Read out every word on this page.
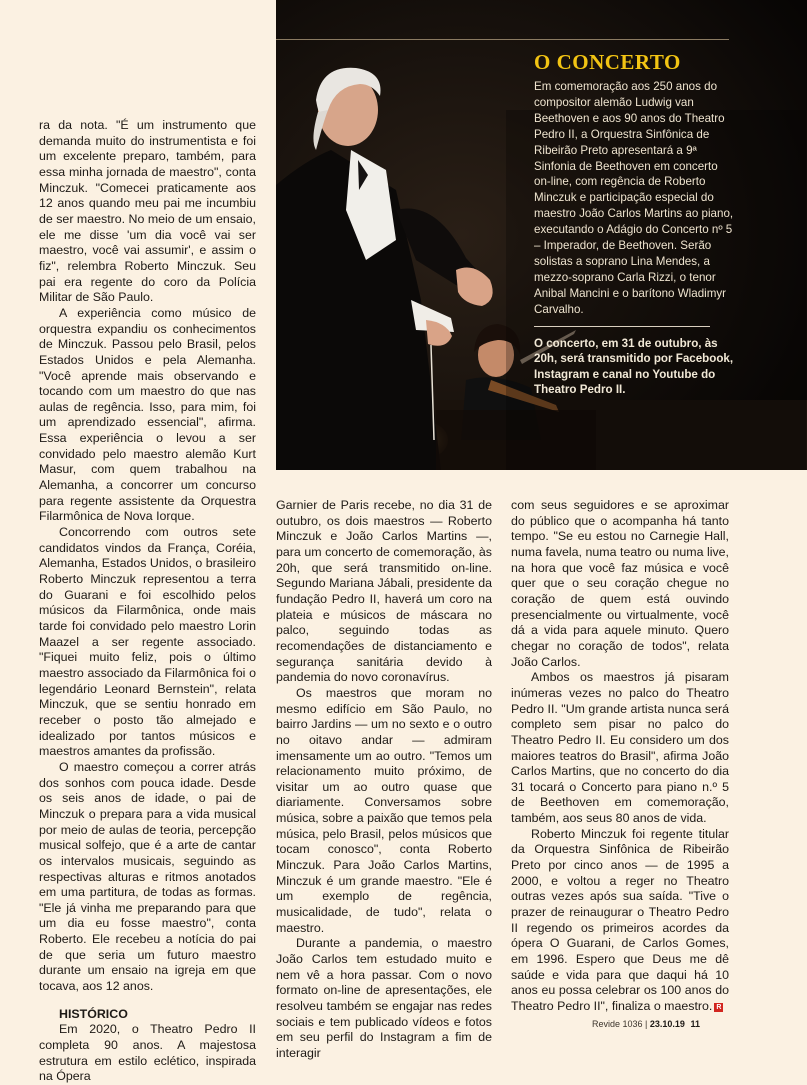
O CONCERTO

Em comemoração aos 250 anos do compositor alemão Ludwig van Beethoven e aos 90 anos do Theatro Pedro II, a Orquestra Sinfônica de Ribeirão Preto apresentará a 9ª Sinfonia de Beethoven em concerto on-line, com regência de Roberto Minczuk e participação especial do maestro João Carlos Martins ao piano, executando o Adágio do Concerto nº 5 – Imperador, de Beethoven. Serão solistas a soprano Lina Mendes, a mezzo-soprano Carla Rizzi, o tenor Anibal Mancini e o barítono Wladimyr Carvalho.

O concerto, em 31 de outubro, às 20h, será transmitido por Facebook, Instagram e canal no Youtube do Theatro Pedro II.

ra da nota. "É um instrumento que demanda muito do instrumentista e foi um excelente preparo, também, para essa minha jornada de maestro", conta Minczuk. "Comecei praticamente aos 12 anos quando meu pai me incumbiu de ser maestro. No meio de um ensaio, ele me disse 'um dia você vai ser maestro, você vai assumir', e assim o fiz", relembra Roberto Minczuk. Seu pai era regente do coro da Polícia Militar de São Paulo.

A experiência como músico de orquestra expandiu os conhecimentos de Minczuk. Passou pelo Brasil, pelos Estados Unidos e pela Alemanha. "Você aprende mais observando e tocando com um maestro do que nas aulas de regência. Isso, para mim, foi um aprendizado essencial", afirma. Essa experiência o levou a ser convidado pelo maestro alemão Kurt Masur, com quem trabalhou na Alemanha, a concorrer um concurso para regente assistente da Orquestra Filarmônica de Nova Iorque.

Concorrendo com outros sete candidatos vindos da França, Coréia, Alemanha, Estados Unidos, o brasileiro Roberto Minczuk representou a terra do Guarani e foi escolhido pelos músicos da Filarmônica, onde mais tarde foi convidado pelo maestro Lorin Maazel a ser regente associado. "Fiquei muito feliz, pois o último maestro associado da Filarmônica foi o legendário Leonard Bernstein", relata Minczuk, que se sentiu honrado em receber o posto tão almejado e idealizado por tantos músicos e maestros amantes da profissão.

O maestro começou a correr atrás dos sonhos com pouca idade. Desde os seis anos de idade, o pai de Minczuk o prepara para a vida musical por meio de aulas de teoria, percepção musical solfejo, que é a arte de cantar os intervalos musicais, seguindo as respectivas alturas e ritmos anotados em uma partitura, de todas as formas. "Ele já vinha me preparando para que um dia eu fosse maestro", conta Roberto. Ele recebeu a notícia do pai de que seria um futuro maestro durante um ensaio na igreja em que tocava, aos 12 anos.

HISTÓRICO

Em 2020, o Theatro Pedro II completa 90 anos. A majestosa estrutura em estilo eclético, inspirada na Ópera

Garnier de Paris recebe, no dia 31 de outubro, os dois maestros — Roberto Minczuk e João Carlos Martins —, para um concerto de comemoração, às 20h, que será transmitido on-line. Segundo Mariana Jábali, presidente da fundação Pedro II, haverá um coro na plateia e músicos de máscara no palco, seguindo todas as recomendações de distanciamento e segurança sanitária devido à pandemia do novo coronavírus.

Os maestros que moram no mesmo edifício em São Paulo, no bairro Jardins — um no sexto e o outro no oitavo andar — admiram imensamente um ao outro. "Temos um relacionamento muito próximo, de visitar um ao outro quase que diariamente. Conversamos sobre música, sobre a paixão que temos pela música, pelo Brasil, pelos músicos que tocam conosco", conta Roberto Minczuk. Para João Carlos Martins, Minczuk é um grande maestro. "Ele é um exemplo de regência, musicalidade, de tudo", relata o maestro.

Durante a pandemia, o maestro João Carlos tem estudado muito e nem vê a hora passar. Com o novo formato on-line de apresentações, ele resolveu também se engajar nas redes sociais e tem publicado vídeos e fotos em seu perfil do Instagram a fim de interagir

com seus seguidores e se aproximar do público que o acompanha há tanto tempo. "Se eu estou no Carnegie Hall, numa favela, numa teatro ou numa live, na hora que você faz música e você quer que o seu coração chegue no coração de quem está ouvindo presencialmente ou virtualmente, você dá a vida para aquele minuto. Quero chegar no coração de todos", relata João Carlos.

Ambos os maestros já pisaram inúmeras vezes no palco do Theatro Pedro II. "Um grande artista nunca será completo sem pisar no palco do Theatro Pedro II. Eu considero um dos maiores teatros do Brasil", afirma João Carlos Martins, que no concerto do dia 31 tocará o Concerto para piano n.º 5 de Beethoven em comemoração, também, aos seus 80 anos de vida.

Roberto Minczuk foi regente titular da Orquestra Sinfônica de Ribeirão Preto por cinco anos — de 1995 a 2000, e voltou a reger no Theatro outras vezes após sua saída. "Tive o prazer de reinaugurar o Theatro Pedro II regendo os primeiros acordes da ópera O Guarani, de Carlos Gomes, em 1996. Espero que Deus me dê saúde e vida para que daqui há 10 anos eu possa celebrar os 100 anos do Theatro Pedro II", finaliza o maestro. R

Revide 1036 | 23.10.19 11
